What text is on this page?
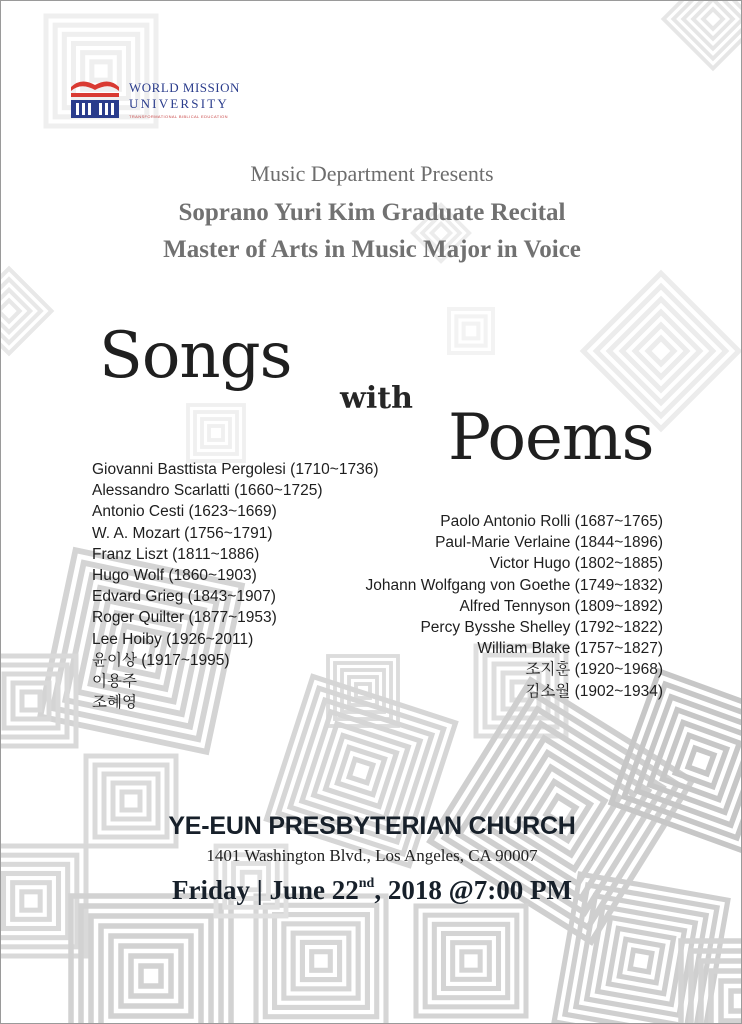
WORLD MISSION
UNIVERSITY
TRANSFORMATIONAL BIBLICAL EDUCATION
Music Department Presents
Soprano Yuri Kim Graduate Recital
Master of Arts in Music Major in Voice
Songs
with
Poems
Giovanni Basttista Pergolesi (1710~1736)
Alessandro Scarlatti (1660~1725)
Antonio Cesti (1623~1669)
W. A. Mozart (1756~1791)
Franz Liszt (1811~1886)
Hugo Wolf (1860~1903)
Edvard Grieg (1843~1907)
Roger Quilter (1877~1953)
Lee Hoiby (1926~2011)
윤이상 (1917~1995)
이용주
조혜영
Paolo Antonio Rolli (1687~1765)
Paul-Marie Verlaine (1844~1896)
Victor Hugo (1802~1885)
Johann Wolfgang von Goethe (1749~1832)
Alfred Tennyson (1809~1892)
Percy Bysshe Shelley (1792~1822)
William Blake (1757~1827)
조지훈 (1920~1968)
김소월 (1902~1934)
YE-EUN PRESBYTERIAN CHURCH
1401 Washington Blvd., Los Angeles, CA 90007
Friday | June 22nd, 2018 @7:00 PM
